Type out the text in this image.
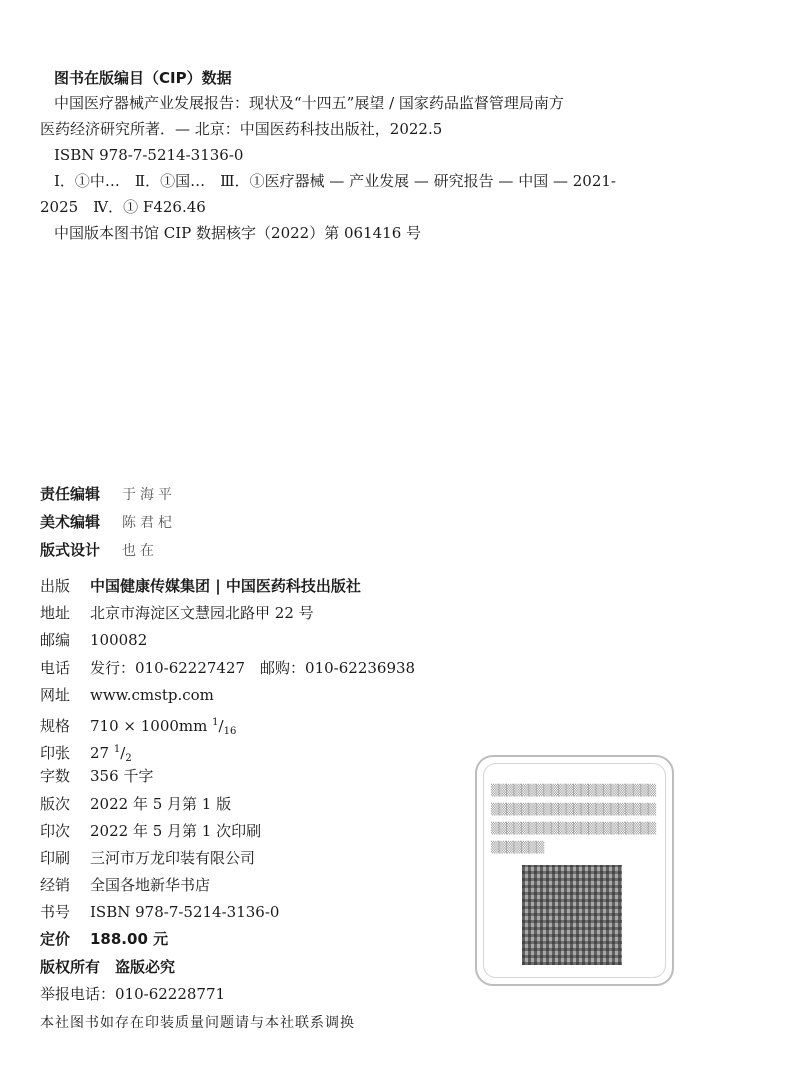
图书在版编目（CIP）数据
中国医疗器械产业发展报告：现状及“十四五”展望 / 国家药品监督管理局南方
医药经济研究所著．— 北京：中国医药科技出版社，2022.5
ISBN 978-7-5214-3136-0
Ⅰ．①中…　Ⅱ．①国…　Ⅲ．①医疗器械 — 产业发展 — 研究报告 — 中国 — 2021-
2025　Ⅳ．① F426.46
中国版本图书馆 CIP 数据核字（2022）第 061416 号
责任编辑 于海平
美术编辑 陈君杞
版式设计 也在
出版 中国健康传媒集团 | 中国医药科技出版社
地址 北京市海淀区文慧园北路甲 22 号
邮编 100082
电话 发行：010-62227427　邮购：010-62236938
网址 www.cmstp.com
规格 710 × 1000mm $^1/_{16}$
印张 27 $^1/_2$
字数 356 千字
版次 2022 年 5 月第 1 版
印次 2022 年 5 月第 1 次印刷
印刷 三河市万龙印装有限公司
经销 全国各地新华书店
书号 ISBN 978-7-5214-3136-0
定价 188.00 元
版权所有　盗版必究
举报电话：010-62228771
本社图书如存在印装质量问题请与本社联系调换
▒▒▒▒▒▒▒▒▒▒▒▒▒▒▒▒▒▒▒▒▒▒▒▒▒▒▒▒▒▒▒▒▒▒▒▒▒▒▒▒▒▒▒▒▒▒▒▒▒▒▒▒▒▒▒▒▒▒▒▒▒▒▒▒▒▒▒▒▒▒▒▒▒
